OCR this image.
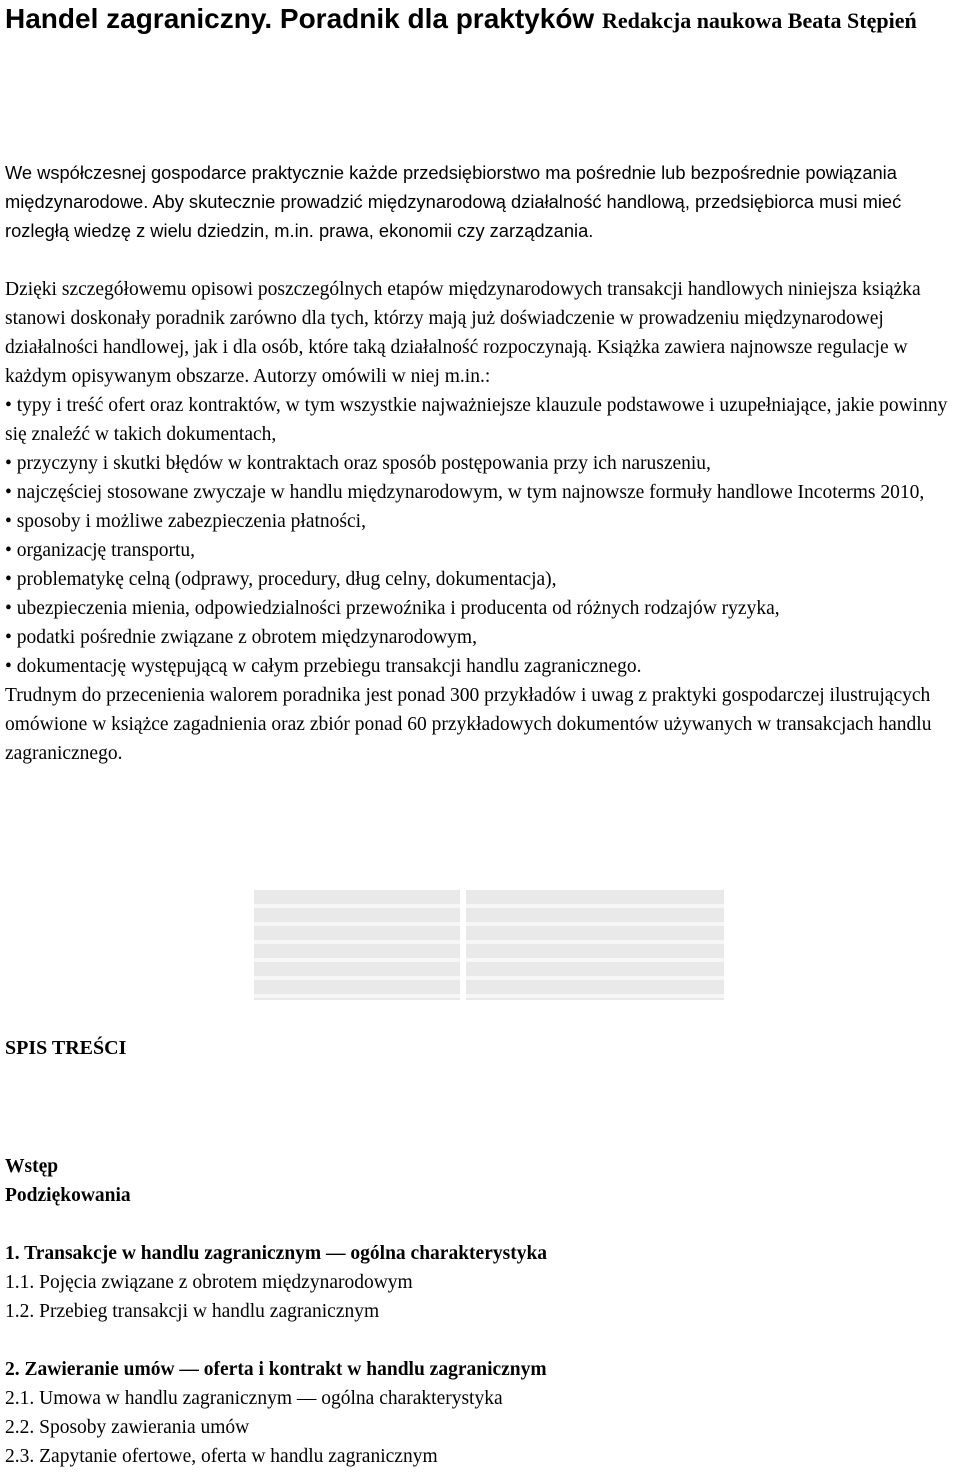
Handel zagraniczny. Poradnik dla praktyków Redakcja naukowa Beata Stępień
We współczesnej gospodarce praktycznie każde przedsiębiorstwo ma pośrednie lub bezpośrednie powiązania międzynarodowe. Aby skutecznie prowadzić międzynarodową działalność handlową, przedsiębiorca musi mieć rozległą wiedzę z wielu dziedzin, m.in. prawa, ekonomii czy zarządzania.

Dzięki szczegółowemu opisowi poszczególnych etapów międzynarodowych transakcji handlowych niniejsza książka stanowi doskonały poradnik zarówno dla tych, którzy mają już doświadczenie w prowadzeniu międzynarodowej działalności handlowej, jak i dla osób, które taką działalność rozpoczynają. Książka zawiera najnowsze regulacje w każdym opisywanym obszarze. Autorzy omówili w niej m.in.:

• typy i treść ofert oraz kontraktów, w tym wszystkie najważniejsze klauzule podstawowe i uzupełniające, jakie powinny się znaleźć w takich dokumentach,
• przyczyny i skutki błędów w kontraktach oraz sposób postępowania przy ich naruszeniu,
• najczęściej stosowane zwyczaje w handlu międzynarodowym, w tym najnowsze formuły handlowe Incoterms 2010,
• sposoby i możliwe zabezpieczenia płatności,
• organizację transportu,
• problematykę celną (odprawy, procedury, dług celny, dokumentacja),
• ubezpieczenia mienia, odpowiedzialności przewoźnika i producenta od różnych rodzajów ryzyka,
• podatki pośrednie związane z obrotem międzynarodowym,
• dokumentację występującą w całym przebiegu transakcji handlu zagranicznego.

Trudnym do przecenienia walorem poradnika jest ponad 300 przykładów i uwag z praktyki gospodarczej ilustrujących omówione w książce zagadnienia oraz zbiór ponad 60 przykładowych dokumentów używanych w transakcjach handlu zagranicznego.

SPIS TREŚCI
Wstęp
Podziękowania
1. Transakcje w handlu zagranicznym — ogólna charakterystyka
1.1. Pojęcia związane z obrotem międzynarodowym
1.2. Przebieg transakcji w handlu zagranicznym
2. Zawieranie umów — oferta i kontrakt w handlu zagranicznym
2.1. Umowa w handlu zagranicznym — ogólna charakterystyka
2.2. Sposoby zawierania umów
2.3. Zapytanie ofertowe, oferta w handlu zagranicznym
